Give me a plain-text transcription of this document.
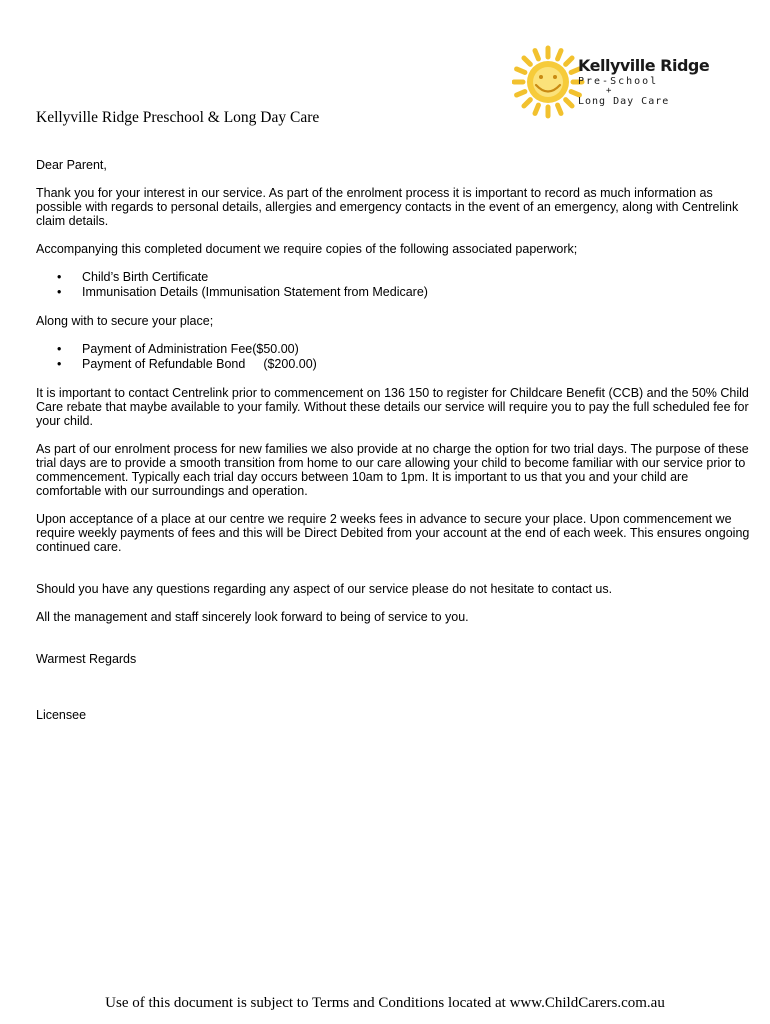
Kellyville Ridge
Pre-School
+
Long Day Care
Kellyville Ridge Preschool & Long Day Care

Dear Parent,

Thank you for your interest in our service. As part of the enrolment process it is important to record as much information as possible with regards to personal details, allergies and emergency contacts in the event of an emergency, along with Centrelink claim details.

Accompanying this completed document we require copies of the following associated paperwork;

• Child’s Birth Certificate
• Immunisation Details (Immunisation Statement from Medicare)

Along with to secure your place;

• Payment of Administration Fee($50.00)
• Payment of Refundable Bond ($200.00)

It is important to contact Centrelink prior to commencement on 136 150 to register for Childcare Benefit (CCB) and the 50% Child Care rebate that maybe available to your family. Without these details our service will require you to pay the full scheduled fee for your child.

As part of our enrolment process for new families we also provide at no charge the option for two trial days. The purpose of these trial days are to provide a smooth transition from home to our care allowing your child to become familiar with our service prior to commencement. Typically each trial day occurs between 10am to 1pm. It is important to us that you and your child are comfortable with our surroundings and operation.

Upon acceptance of a place at our centre we require 2 weeks fees in advance to secure your place. Upon commencement we require weekly payments of fees and this will be Direct Debited from your account at the end of each week. This ensures ongoing continued care.

Should you have any questions regarding any aspect of our service please do not hesitate to contact us.

All the management and staff sincerely look forward to being of service to you.

Warmest Regards

Licensee

Use of this document is subject to Terms and Conditions located at www.ChildCarers.com.au
